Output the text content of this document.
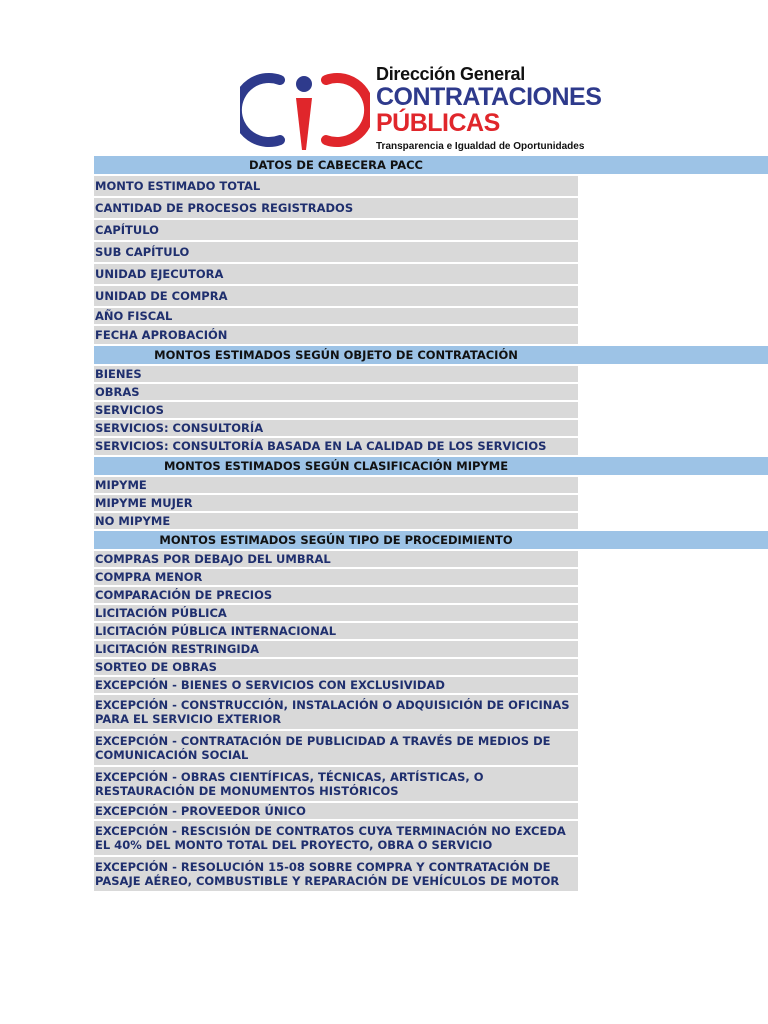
Dirección General
CONTRATACIONES
PÚBLICAS
Transparencia e Igualdad de Oportunidades
DATOS DE CABECERA PACC
MONTO ESTIMADO TOTAL
CANTIDAD DE PROCESOS REGISTRADOS
CAPÍTULO
SUB CAPÍTULO
UNIDAD EJECUTORA
UNIDAD DE COMPRA
AÑO FISCAL
FECHA APROBACIÓN
MONTOS ESTIMADOS SEGÚN OBJETO DE CONTRATACIÓN
BIENES
OBRAS
SERVICIOS
SERVICIOS: CONSULTORÍA
SERVICIOS: CONSULTORÍA BASADA EN LA CALIDAD DE LOS SERVICIOS
MONTOS ESTIMADOS SEGÚN CLASIFICACIÓN MIPYME
MIPYME
MIPYME MUJER
NO MIPYME
MONTOS ESTIMADOS SEGÚN TIPO DE PROCEDIMIENTO
COMPRAS POR DEBAJO DEL UMBRAL
COMPRA MENOR
COMPARACIÓN DE PRECIOS
LICITACIÓN PÚBLICA
LICITACIÓN PÚBLICA INTERNACIONAL
LICITACIÓN RESTRINGIDA
SORTEO DE OBRAS
EXCEPCIÓN - BIENES O SERVICIOS CON EXCLUSIVIDAD
EXCEPCIÓN - CONSTRUCCIÓN, INSTALACIÓN O ADQUISICIÓN DE OFICINAS PARA EL SERVICIO EXTERIOR
EXCEPCIÓN - CONTRATACIÓN DE PUBLICIDAD A TRAVÉS DE MEDIOS DE COMUNICACIÓN SOCIAL
EXCEPCIÓN - OBRAS CIENTÍFICAS, TÉCNICAS, ARTÍSTICAS, O RESTAURACIÓN DE MONUMENTOS HISTÓRICOS
EXCEPCIÓN - PROVEEDOR ÚNICO
EXCEPCIÓN - RESCISIÓN DE CONTRATOS CUYA TERMINACIÓN NO EXCEDA EL 40% DEL MONTO TOTAL DEL PROYECTO, OBRA O SERVICIO
EXCEPCIÓN - RESOLUCIÓN 15-08 SOBRE COMPRA Y CONTRATACIÓN DE PASAJE AÉREO, COMBUSTIBLE Y REPARACIÓN DE VEHÍCULOS DE MOTOR
